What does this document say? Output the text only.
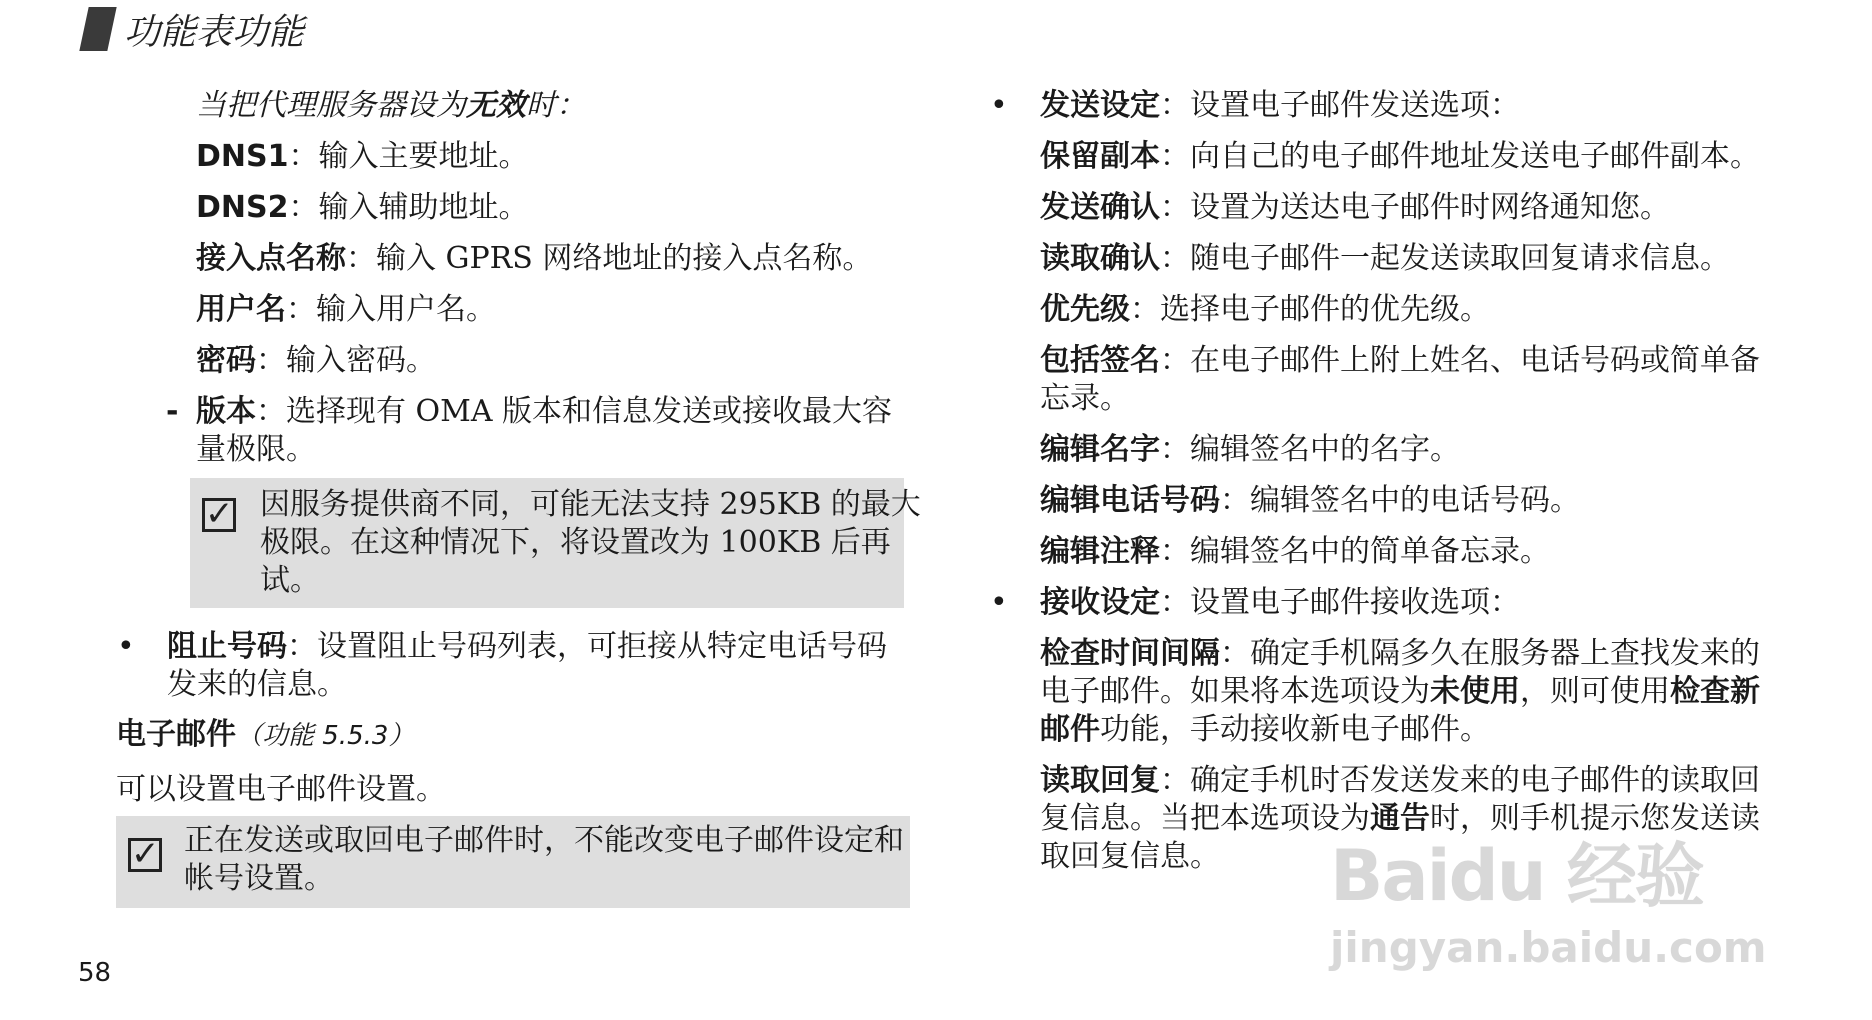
功能表功能
当把代理服务器设为无效时：
DNS1：输入主要地址。
DNS2：输入辅助地址。
接入点名称：输入 GPRS 网络地址的接入点名称。
用户名：输入用户名。
密码：输入密码。
- 版本：选择现有 OMA 版本和信息发送或接收最大容
量极限。
✓ 因服务提供商不同，可能无法支持 295KB 的最大
极限。在这种情况下，将设置改为 100KB 后再
试。
• 阻止号码：设置阻止号码列表，可拒接从特定电话号码
发来的信息。
电子邮件（功能 5.5.3）
可以设置电子邮件设置。
✓ 正在发送或取回电子邮件时，不能改变电子邮件设定和
帐号设置。
• 发送设定：设置电子邮件发送选项：
保留副本：向自己的电子邮件地址发送电子邮件副本。
发送确认：设置为送达电子邮件时网络通知您。
读取确认：随电子邮件一起发送读取回复请求信息。
优先级：选择电子邮件的优先级。
包括签名：在电子邮件上附上姓名、电话号码或简单备
忘录。
编辑名字：编辑签名中的名字。
编辑电话号码：编辑签名中的电话号码。
编辑注释：编辑签名中的简单备忘录。
• 接收设定：设置电子邮件接收选项：
检查时间间隔：确定手机隔多久在服务器上查找发来的
电子邮件。如果将本选项设为未使用，则可使用检查新
邮件功能，手动接收新电子邮件。
读取回复：确定手机时否发送发来的电子邮件的读取回
复信息。当把本选项设为通告时，则手机提示您发送读
取回复信息。 Baidu 经验
jingyan.baidu.com
58
